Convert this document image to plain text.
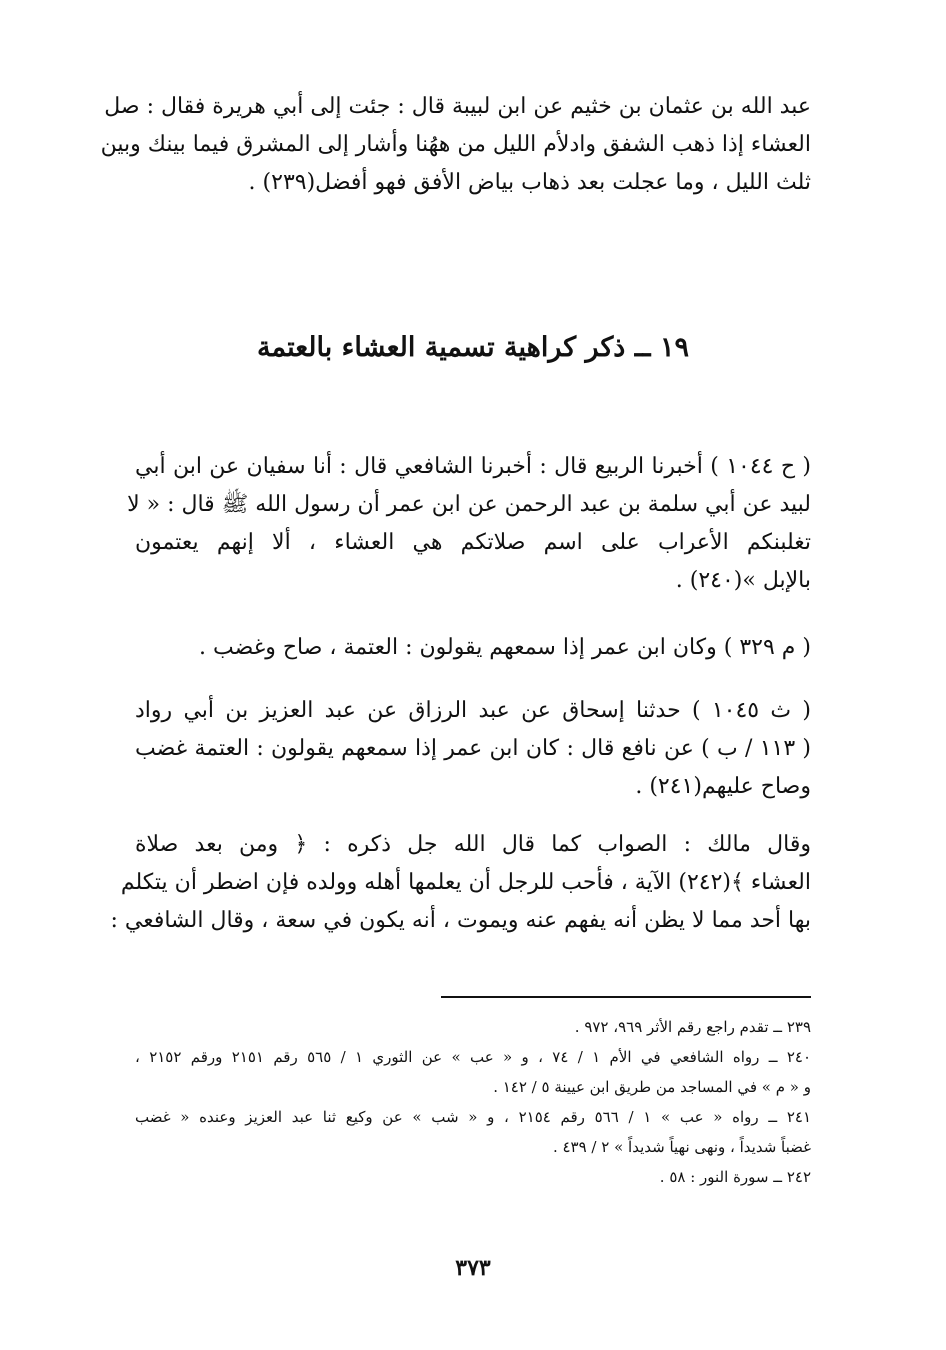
عبد الله بن عثمان بن خثيم عن ابن لبيبة قال : جئت إلى أبي هريرة فقال : صل
العشاء إذا ذهب الشفق وادلأم الليل من ههُنا وأشار إلى المشرق فيما بينك وبين
ثلث الليل ، وما عجلت بعد ذهاب بياض الأفق فهو أفضل(٢٣٩) .
١٩ ــ ذكر كراهية تسمية العشاء بالعتمة
( ح ١٠٤٤ ) أخبرنا الربيع قال : أخبرنا الشافعي قال : أنا سفيان عن ابن أبي
لبيد عن أبي سلمة بن عبد الرحمن عن ابن عمر أن رسول الله ﷺ قال : « لا
تغلبنكم الأعراب على اسم صلاتكم هي العشاء ، ألا إنهم يعتمون
بالإبل »(٢٤٠) .
( م ٣٢٩ ) وكان ابن عمر إذا سمعهم يقولون : العتمة ، صاح وغضب .
( ث ١٠٤٥ ) حدثنا إسحاق عن عبد الرزاق عن عبد العزيز بن أبي رواد
( ١١٣ / ب ) عن نافع قال : كان ابن عمر إذا سمعهم يقولون : العتمة غضب
وصاح عليهم(٢٤١) .
وقال مالك : الصواب كما قال الله جل ذكره : ﴿ ومن بعد صلاة
العشاء ﴾(٢٤٢) الآية ، فأحب للرجل أن يعلمها أهله وولده فإن اضطر أن يتكلم
بها أحد مما لا يظن أنه يفهم عنه ويموت ، أنه يكون في سعة ، وقال الشافعي :
٢٣٩ ــ تقدم راجع رقم الأثر ٩٦٩، ٩٧٢ .
٢٤٠ ــ رواه الشافعي في الأم ١ / ٧٤ ، و « عب » عن الثوري ١ / ٥٦٥ رقم ٢١٥١ ورقم ٢١٥٢ ،
و « م » في المساجد من طريق ابن عيينة ٥ / ١٤٢ .
٢٤١ ــ رواه « عب » ١ / ٥٦٦ رقم ٢١٥٤ ، و « شب » عن وكيع ثنا عبد العزيز وعنده « غضب
غضباً شديداً ، ونهى نهياً شديداً » ٢ / ٤٣٩ .
٢٤٢ ــ سورة النور : ٥٨ .
٣٧٣
